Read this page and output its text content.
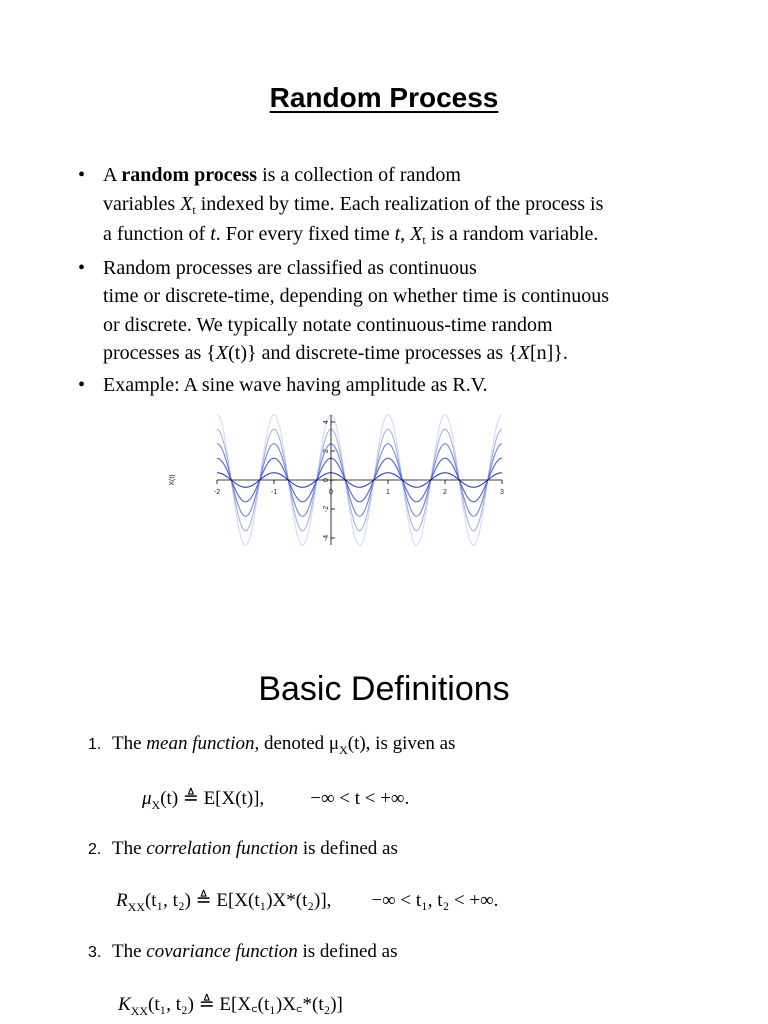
Random Process
• A random process is a collection of random
variables $X_t$ indexed by time. Each realization of the process is
a function of t. For every fixed time t, $X_t$ is a random variable.
• Random processes are classified as continuous
time or discrete-time, depending on whether time is continuous
or discrete. We typically notate continuous-time random
processes as {X(t)} and discrete-time processes as {X[n]}.
• Example: A sine wave having amplitude as R.V.
-2	-1	0	1	2	3
4
2
0
-2
-4
X(t)
Basic Definitions
1. The mean function, denoted $\mu_X(t)$, is given as
$\mu_X(t)$ ≜ E[X(t)], −∞ < t < +∞.
2. The correlation function is defined as
$R_{XX}(t_1$, t₂) ≜ E[X(t₁)X*(t₂)], −∞ < t₁, t₂ < +∞.
3. The covariance function is defined as
$K_{XX}(t_1$, t₂) ≜ E[X꜀(t₁)X꜀*(t₂)]
